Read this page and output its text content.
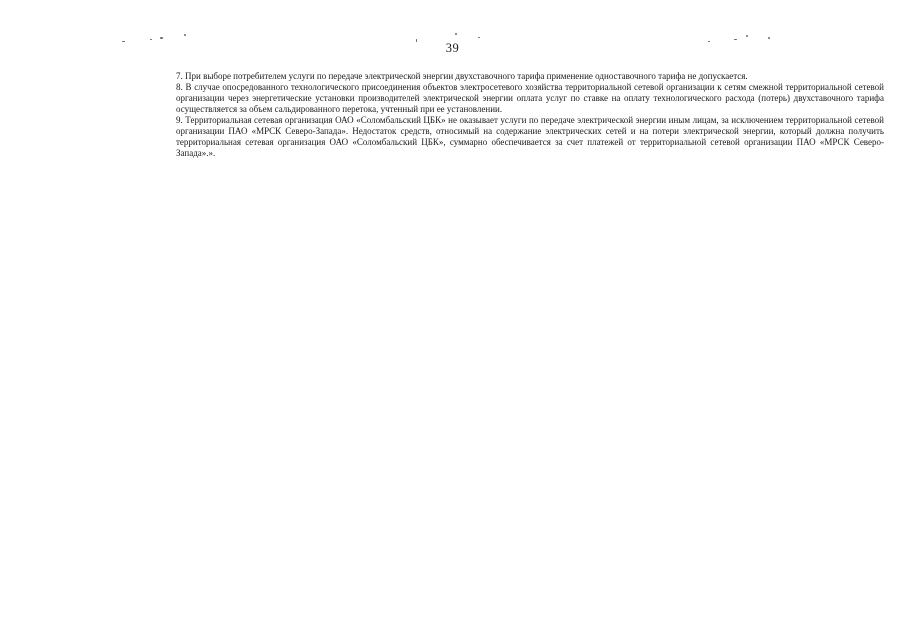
39

7. При выборе потребителем услуги по передаче электрической энергии двухставочного тарифа применение одноставочного тарифа не допускается.

8. В случае опосредованного технологического присоединения объектов электросетевого хозяйства территориальной сетевой организации к сетям смежной территориальной сетевой организации через энергетические установки производителей электрической энергии оплата услуг по ставке на оплату технологического расхода (потерь) двухставочного тарифа осуществляется за объем сальдированного перетока, учтенный при ее установлении.

9. Территориальная сетевая организация ОАО «Соломбальский ЦБК» не оказывает услуги по передаче электрической энергии иным лицам, за исключением территориальной сетевой организации ПАО «МРСК Северо-Запада». Недостаток средств, относимый на содержание электрических сетей и на потери электрической энергии, который должна получить территориальная сетевая организация ОАО «Соломбальский ЦБК», суммарно обеспечивается за счет платежей от территориальной сетевой организации ПАО «МРСК Северо-Запада».».
